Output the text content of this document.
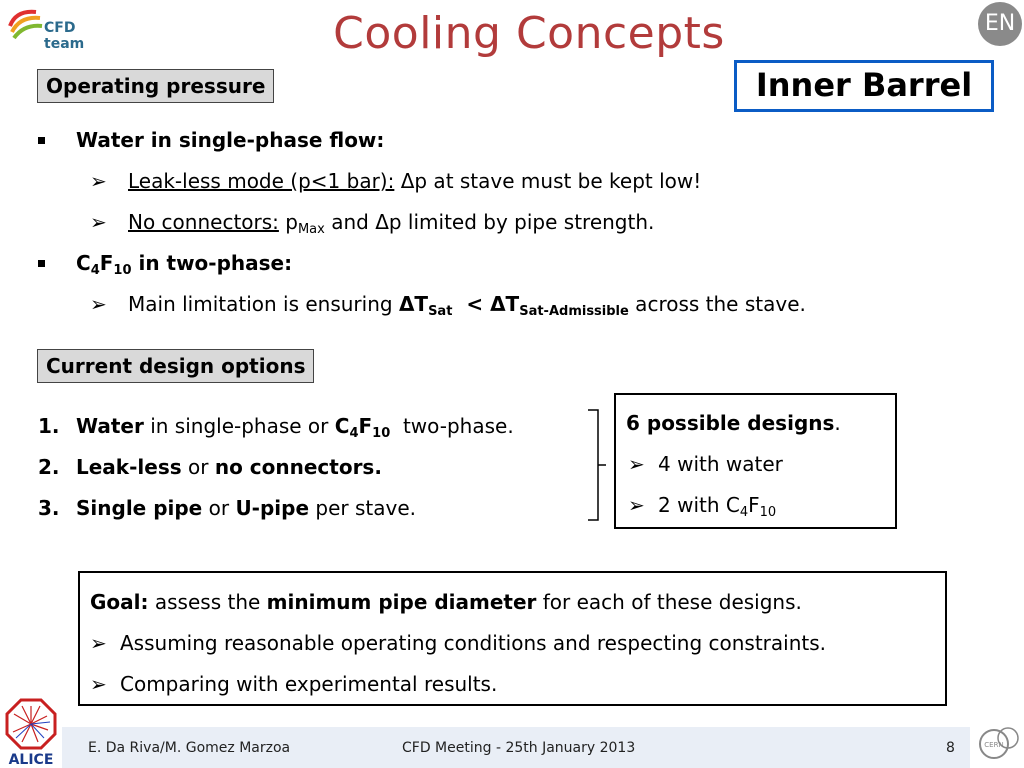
CFD team	Cooling Concepts	EN
Operating pressure	Inner Barrel
Water in single-phase flow:
➢ Leak-less mode (p<1 bar): Δp at stave must be kept low!
➢ No connectors: $p_{Max}$ and Δp limited by pipe strength.
$C_4F_{10}$ in two-phase:
➢ Main limitation is ensuring $\Delta T_{Sat} < \Delta T_{Sat-Admissible}$ across the stave.
Current design options
1. Water in single-phase or $C_4F_{10}$  two-phase.
2. Leak-less or no connectors.
3. Single pipe or U-pipe per stave.
6 possible designs.
➢ 4 with water
➢ 2 with $C_4F_{10}$
Goal: assess the minimum pipe diameter for each of these designs.
➢ Assuming reasonable operating conditions and respecting constraints.
➢ Comparing with experimental results.
E. Da Riva/M. Gomez Marzoa	CFD Meeting - 25th January 2013	8
ALICE
CERN
